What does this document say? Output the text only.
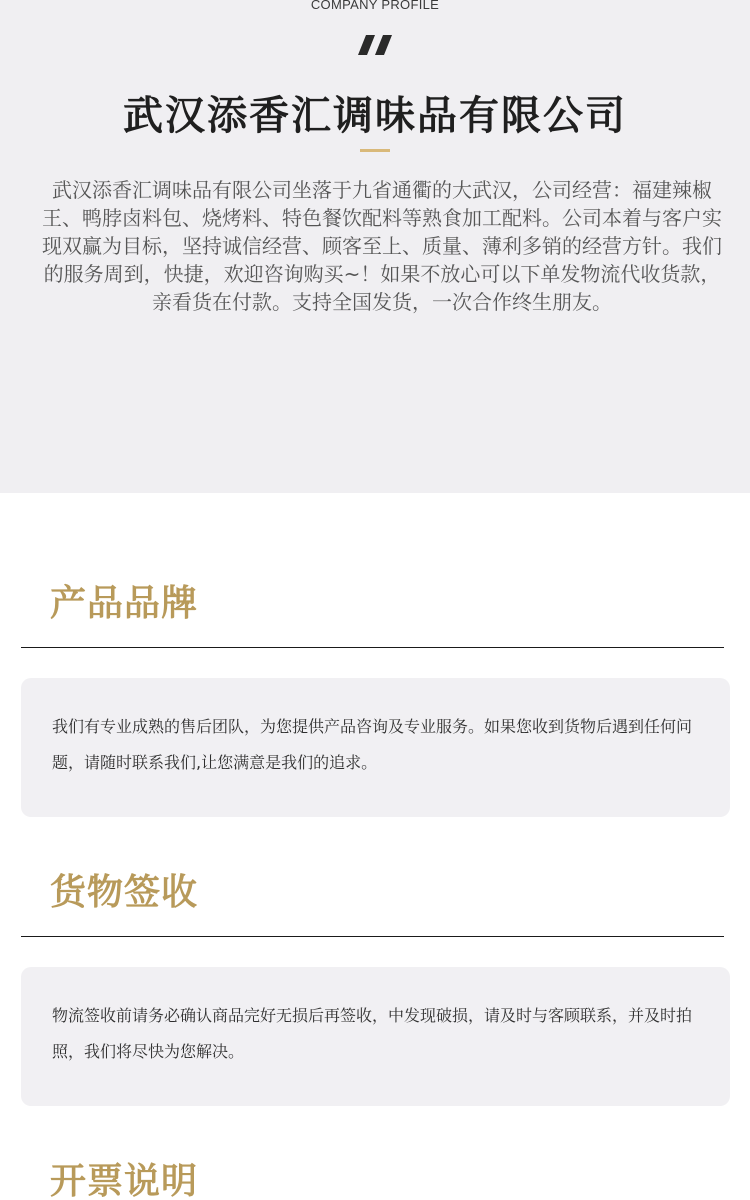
COMPANY PROFILE
武汉添香汇调味品有限公司

武汉添香汇调味品有限公司坐落于九省通衢的大武汉，公司经营：福建辣椒王、鸭脖卤料包、烧烤料、特色餐饮配料等熟食加工配料。公司本着与客户实现双赢为目标，坚持诚信经营、顾客至上、质量、薄利多销的经营方针。我们的服务周到，快捷，欢迎咨询购买~！如果不放心可以下单发物流代收货款，亲看货在付款。支持全国发货，一次合作终生朋友。

产品品牌

我们有专业成熟的售后团队，为您提供产品咨询及专业服务。如果您收到货物后遇到任何问题，请随时联系我们,让您满意是我们的追求。

货物签收

物流签收前请务必确认商品完好无损后再签收，中发现破损，请及时与客顾联系，并及时拍照，我们将尽快为您解决。

开票说明
